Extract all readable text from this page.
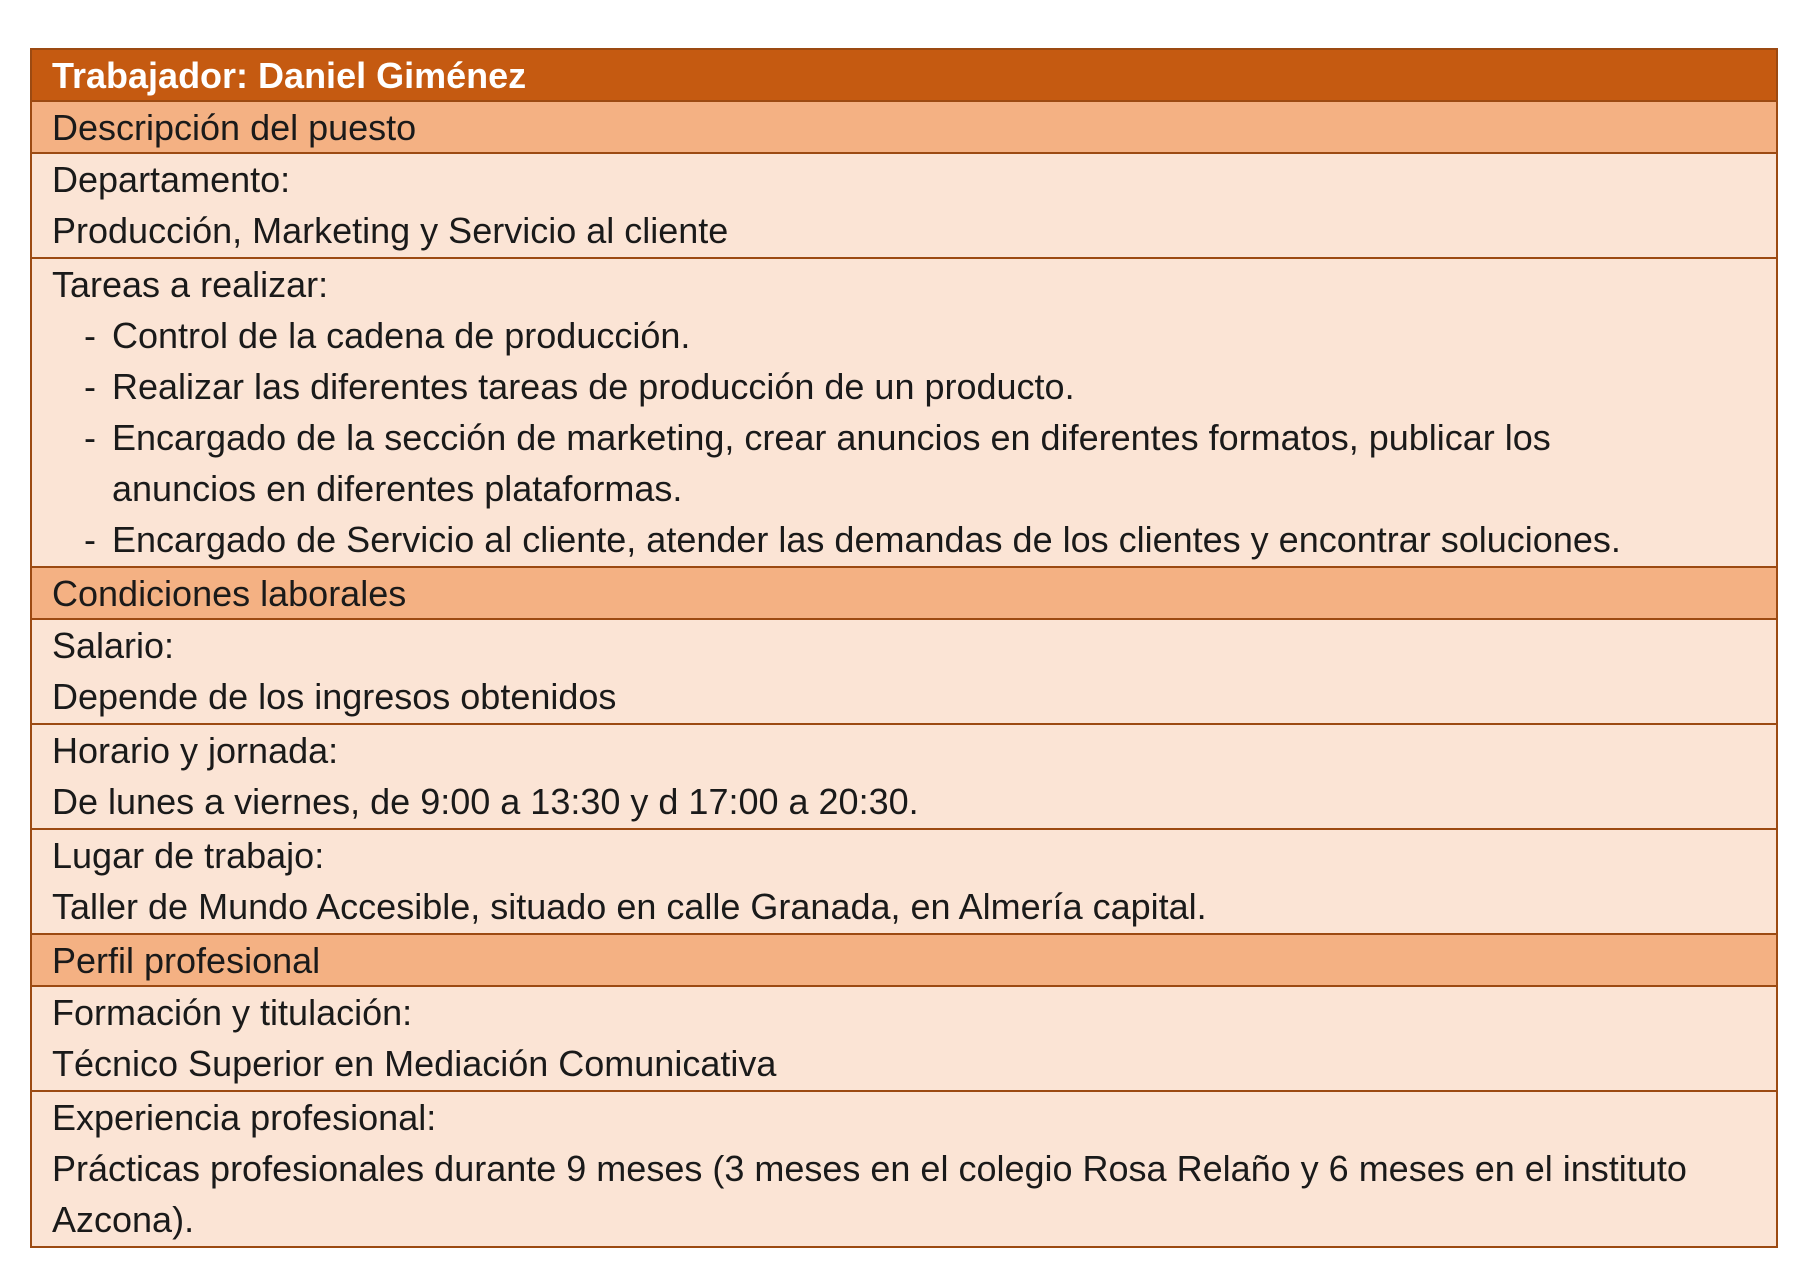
Trabajador: Daniel Giménez
Descripción del puesto
Departamento:
Producción, Marketing y Servicio al cliente
Tareas a realizar:
- Control de la cadena de producción.
- Realizar las diferentes tareas de producción de un producto.
- Encargado de la sección de marketing, crear anuncios en diferentes formatos, publicar los anuncios en diferentes plataformas.
- Encargado de Servicio al cliente, atender las demandas de los clientes y encontrar soluciones.
Condiciones laborales
Salario:
Depende de los ingresos obtenidos
Horario y jornada:
De lunes a viernes, de 9:00 a 13:30 y d 17:00 a 20:30.
Lugar de trabajo:
Taller de Mundo Accesible, situado en calle Granada, en Almería capital.
Perfil profesional
Formación y titulación:
Técnico Superior en Mediación Comunicativa
Experiencia profesional:
Prácticas profesionales durante 9 meses (3 meses en el colegio Rosa Relaño y 6 meses en el instituto Azcona).
